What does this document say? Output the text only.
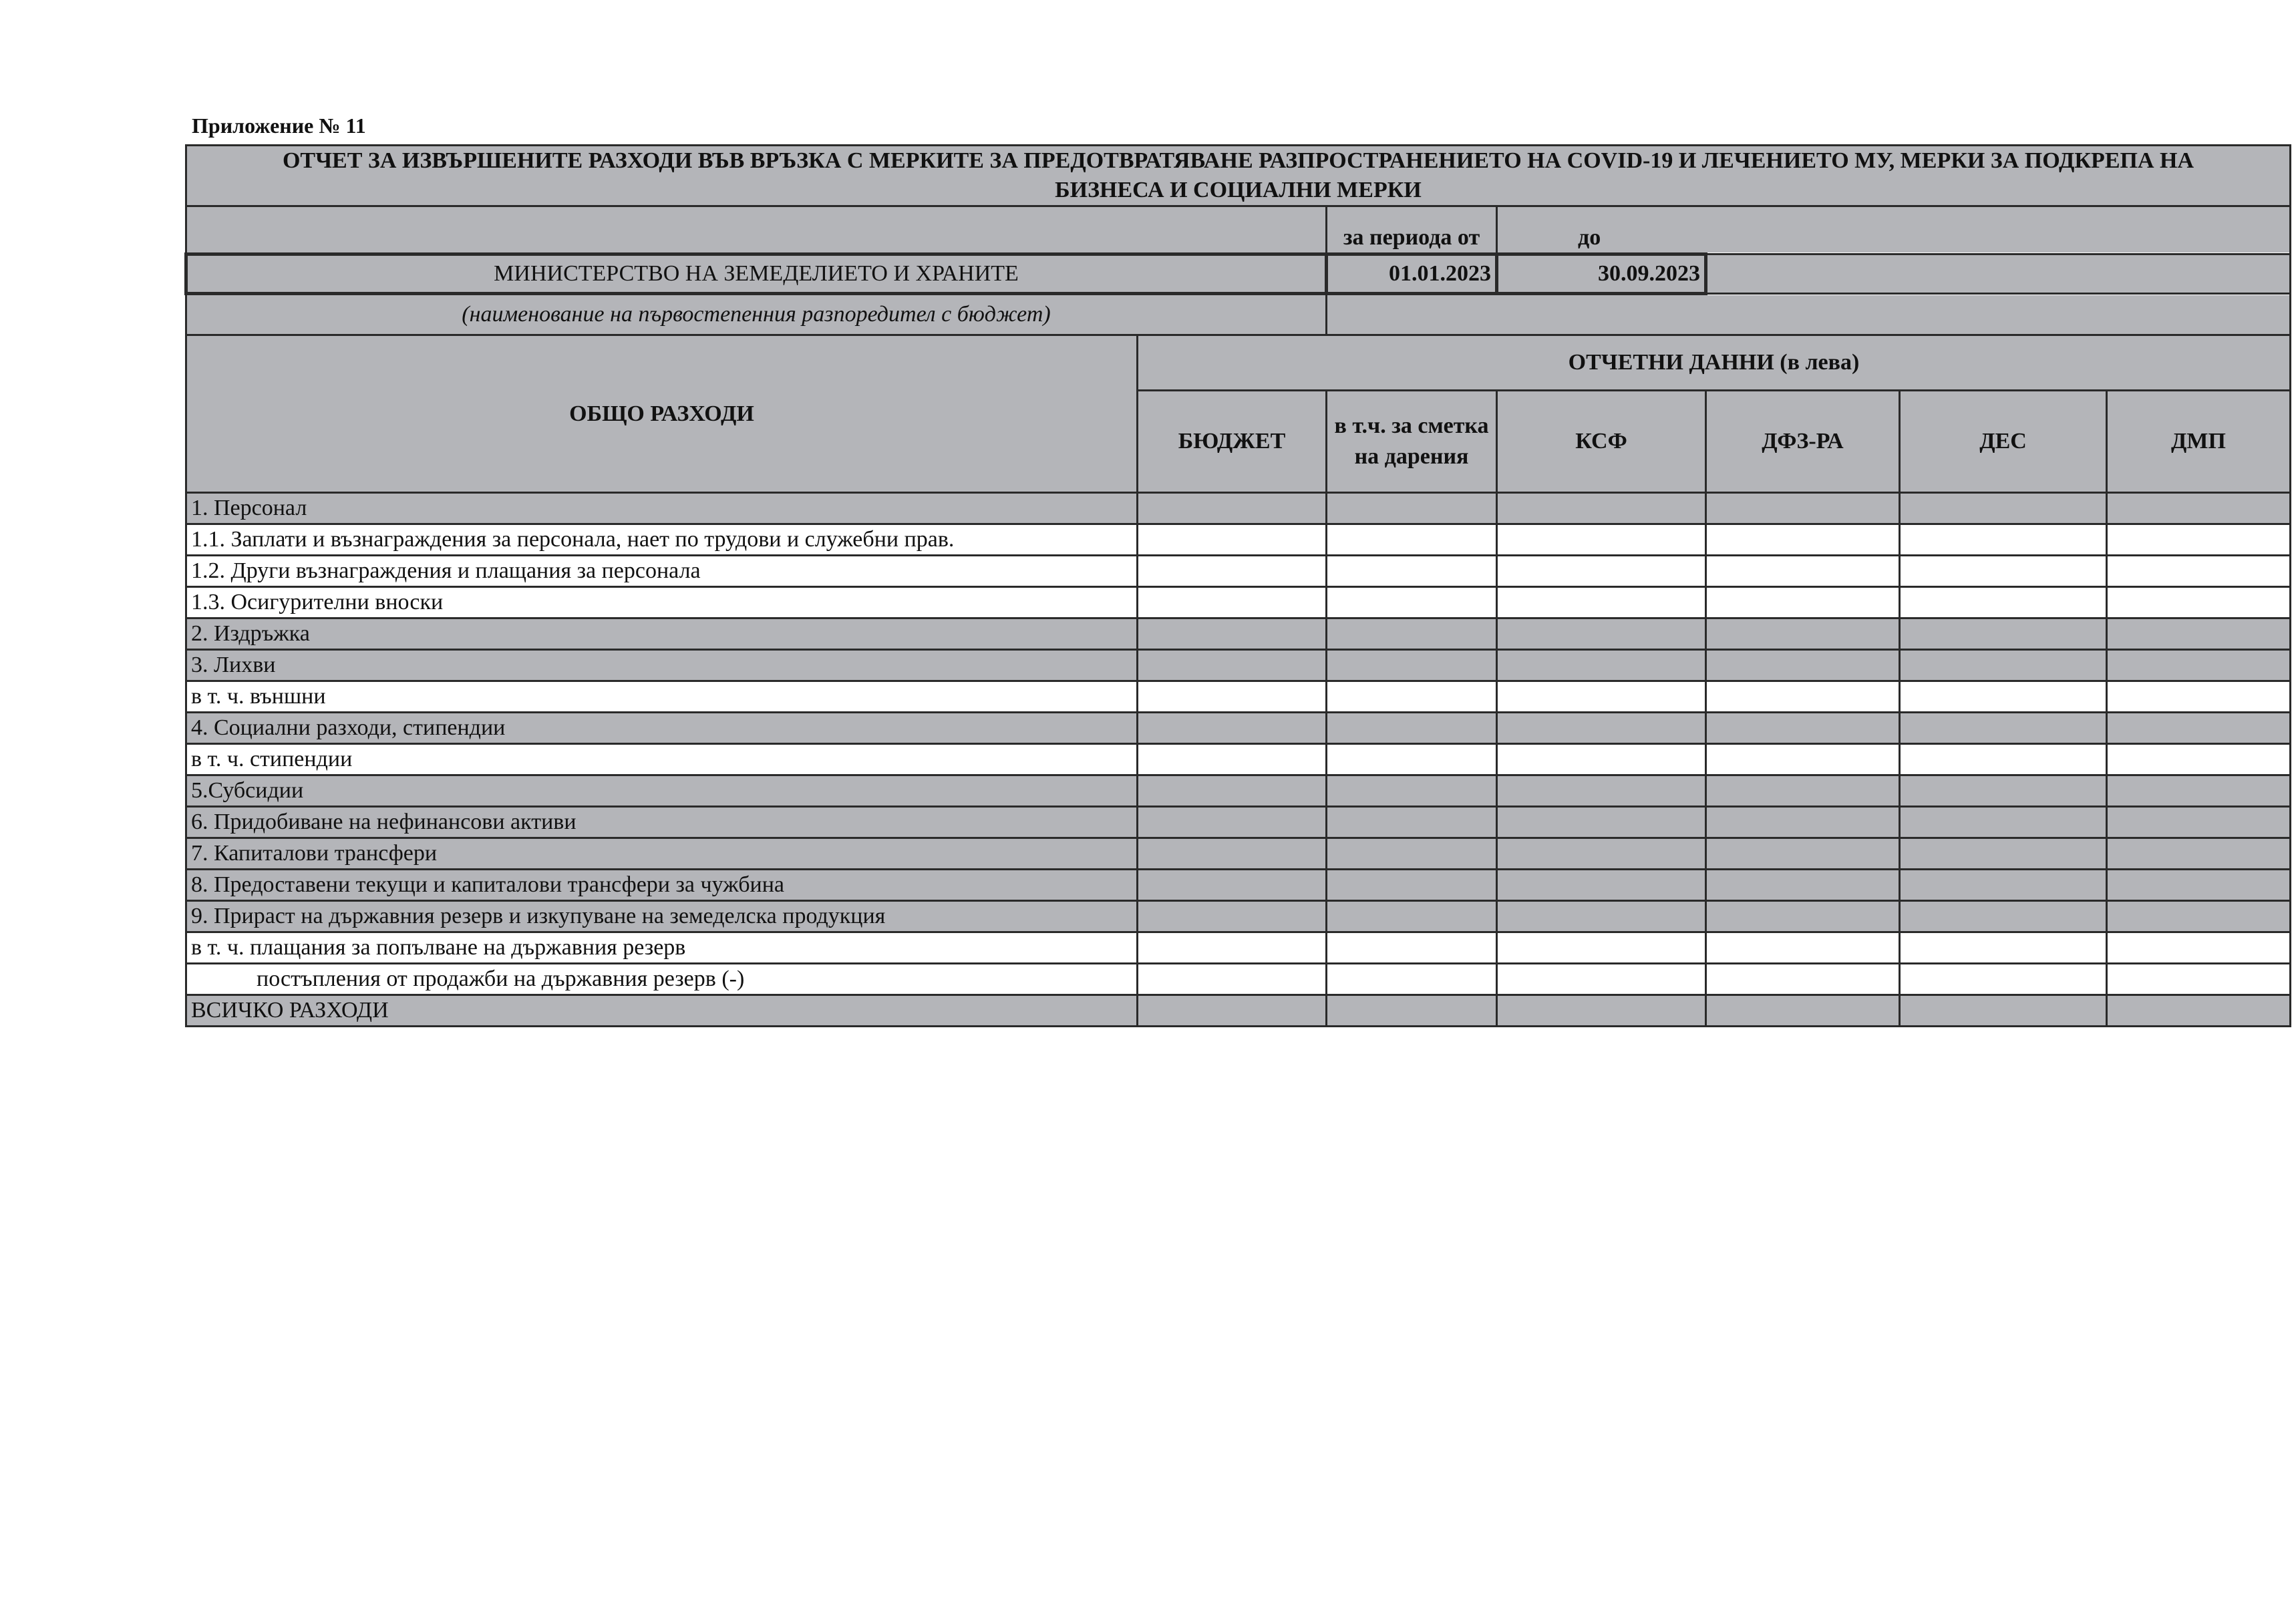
Приложение № 11
ОТЧЕТ ЗА ИЗВЪРШЕНИТЕ РАЗХОДИ ВЪВ ВРЪЗКА С МЕРКИТЕ ЗА ПРЕДОТВРАТЯВАНЕ РАЗПРОСТРАНЕНИЕТО НА COVID-19 И ЛЕЧЕНИЕТО МУ, МЕРКИ ЗА ПОДКРЕПА НА
БИЗНЕСА И СОЦИАЛНИ МЕРКИ						
		за периода от	до			
МИНИСТЕРСТВО НА ЗЕМЕДЕЛИЕТО И ХРАНИТЕ		01.01.2023	30.09.2023			
(наименование на първостепенния разпоредител с бюджет)						
ОБЩО РАЗХОДИ	ОТЧЕТНИ ДАННИ (в лева)					
	БЮДЖЕТ	в т.ч. за сметка на дарения	КСФ	ДФЗ-РА	ДЕС	ДМП
1. Персонал						
1.1. Заплати и възнаграждения за персонала, нает по трудови и служебни прав.						
1.2. Други възнаграждения и плащания за персонала						
1.3. Осигурителни вноски						
2. Издръжка						
3. Лихви						
в т. ч. външни						
4. Социални разходи, стипендии						
в т. ч. стипендии						
5.Субсидии						
6. Придобиване на нефинансови активи						
7. Капиталови трансфери						
8. Предоставени текущи и капиталови трансфери за чужбина						
9. Прираст на държавния резерв и изкупуване на земеделска продукция						
в т. ч. плащания за попълване на държавния резерв						
постъпления от продажби на държавния резерв (-)						
ВСИЧКО РАЗХОДИ						
